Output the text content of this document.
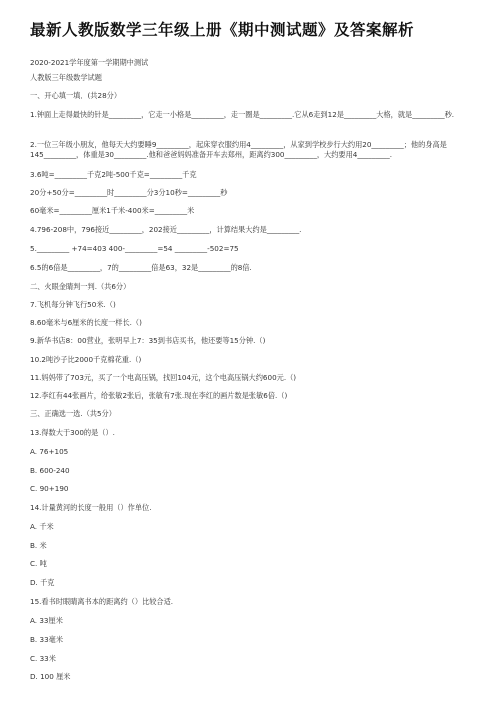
最新人教版数学三年级上册《期中测试题》及答案解析
2020-2021学年度第一学期期中测试
人教版三年级数学试题
一、开心填一填．(共28分）
1.钟面上走得最快的针是_________，它走一小格是_________，走一圈是_________.它从6走到12是_________大格，就是_________秒.
2.一位三年级小朋友，他每天大约要睡9_________，起床穿衣服约用4_________，从家到学校步行大约用20_________；他的身高是145_________，体重是30_________.他和爸爸妈妈准备开车去郑州，距离约300_________，大约要用4_________.
3.6吨=_________千克2吨-500千克=_________千克
20分+50分=_________时_________分3分10秒=_________秒
60毫米=_________厘米1千米-400米=_________米
4.796-208中，796接近_________，202接近_________，计算结果大约是_________.
5._________ +74=403 400-_________=54 _________-502=75
6.5的6倍是_________，7的_________倍是63，32是_________的8倍.
二、火眼金睛判一判.（共6分）
7.飞机每分钟飞行50米.（)
8.60毫米与6厘米的长度一样长.（)
9.新华书店8：00营业，张明早上7：35到书店买书，他还要等15分钟.（)
10.2吨沙子比2000千克棉花重.（)
11.妈妈带了703元，买了一个电高压锅，找回104元，这个电高压锅大约600元.（)
12.李红有44张画片，给张敏2张后，张敏有7张.现在李红的画片数是张敏6倍.（)
三、正确选一选.（共5分）
13.得数大于300的是（）.
A. 76+105
B. 600-240
C. 90+190
14.计量黄河的长度一般用（）作单位.
A. 千米
B. 米
C. 吨
D. 千克
15.看书时眼睛离书本的距离约（）比较合适.
A. 33厘米
B. 33毫米
C. 33米
D. 100 厘米
